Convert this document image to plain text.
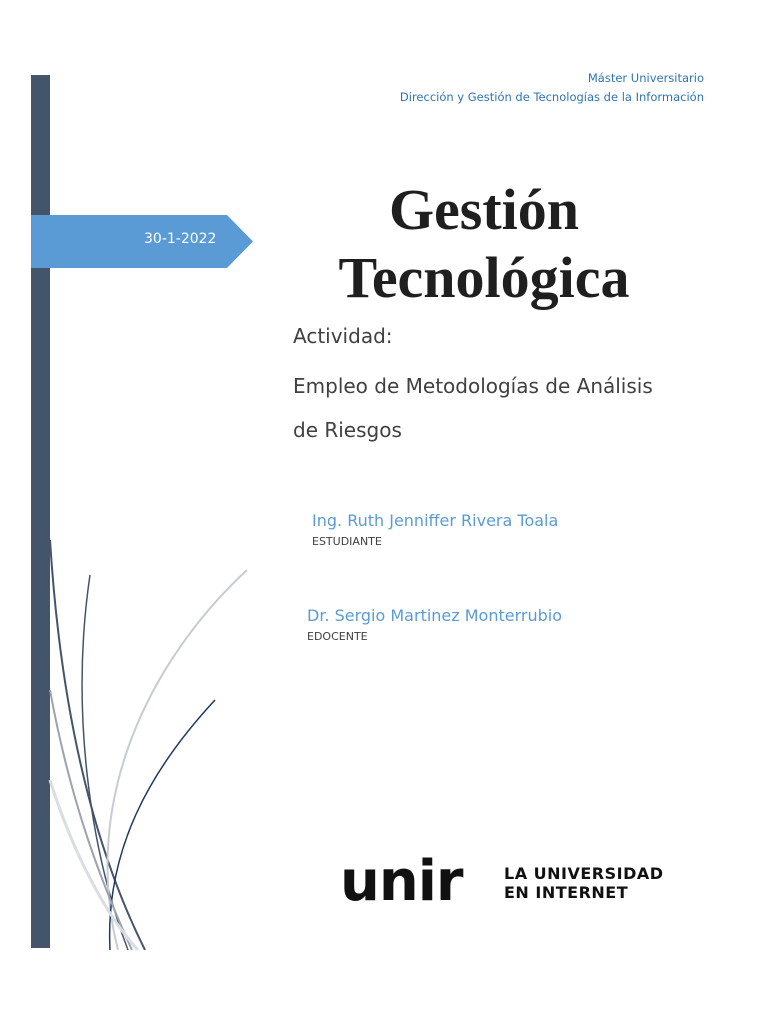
30-1-2022
Máster Universitario
Dirección y Gestión de Tecnologías de la Información
Gestión
Tecnológica
Actividad:
Empleo de Metodologías de Análisis
de Riesgos
Ing. Ruth Jenniffer Rivera Toala
ESTUDIANTE
Dr. Sergio Martinez Monterrubio
EDOCENTE
unir	LA UNIVERSIDAD
EN INTERNET
